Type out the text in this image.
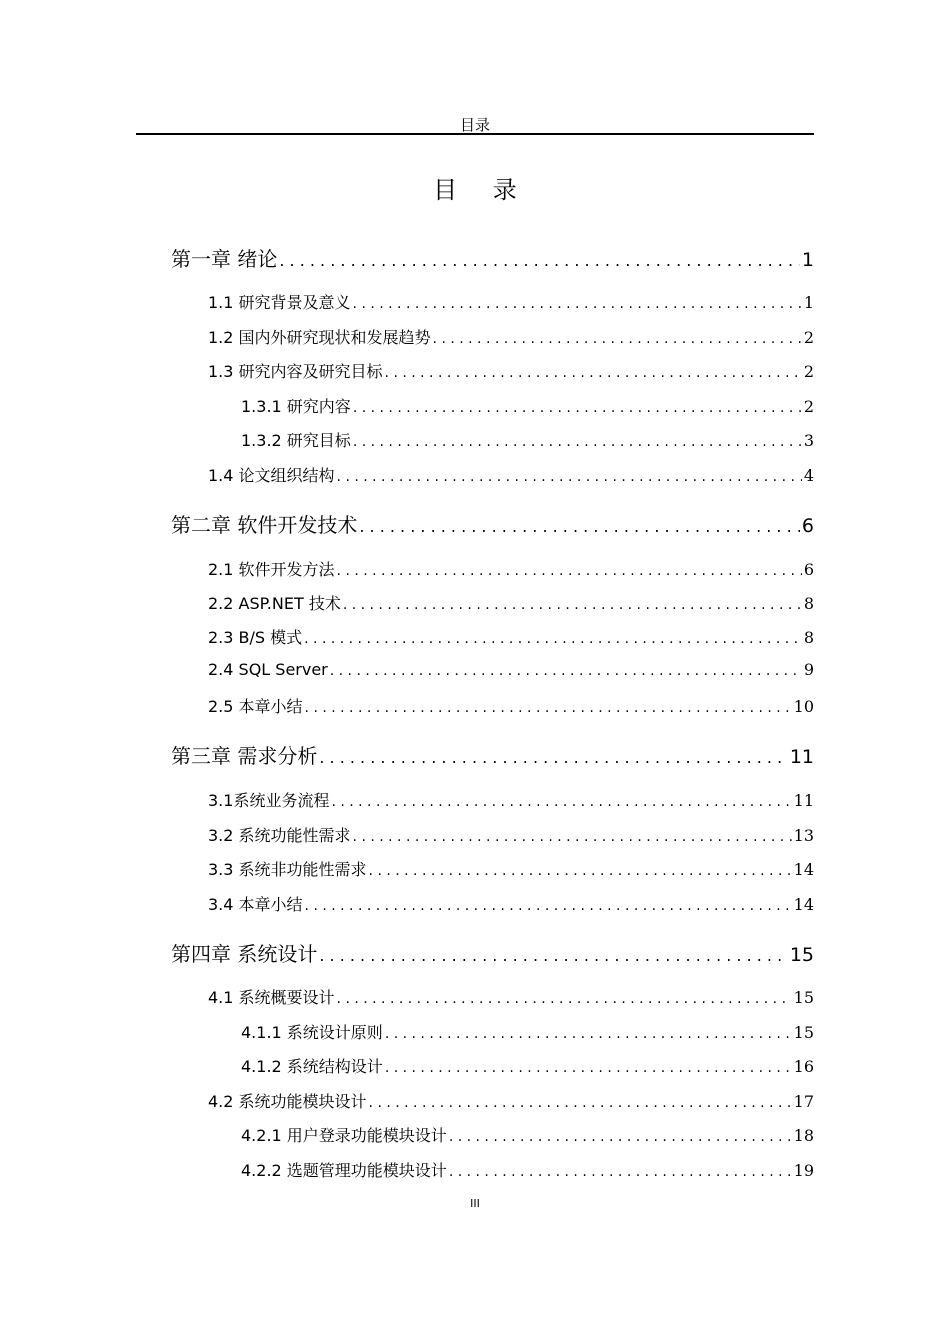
目录
目 录
第一章 绪论 . . .	1
1.1 研究背景及意义 . . .	1
1.2 国内外研究现状和发展趋势 . . .	2
1.3 研究内容及研究目标 . . .	2
1.3.1 研究内容 . . .	2
1.3.2 研究目标 . . .	3
1.4 论文组织结构 . . .	4
第二章 软件开发技术 . . .	6
2.1 软件开发方法 . . .	6
2.2 ASP.NET 技术 . . .	8
2.3 B/S 模式 . . .	8
2.4 SQL Server . . .	9
2.5 本章小结 . . .	10
第三章 需求分析 . . .	11
3.1系统业务流程 . . .	11
3.2 系统功能性需求 . . .	13
3.3 系统非功能性需求 . . .	14
3.4 本章小结 . . .	14
第四章 系统设计 . . .	15
4.1 系统概要设计 . . .	15
4.1.1 系统设计原则 . . .	15
4.1.2 系统结构设计 . . .	16
4.2 系统功能模块设计 . . .	17
4.2.1 用户登录功能模块设计 . . .	18
4.2.2 选题管理功能模块设计 . . .	19
III
